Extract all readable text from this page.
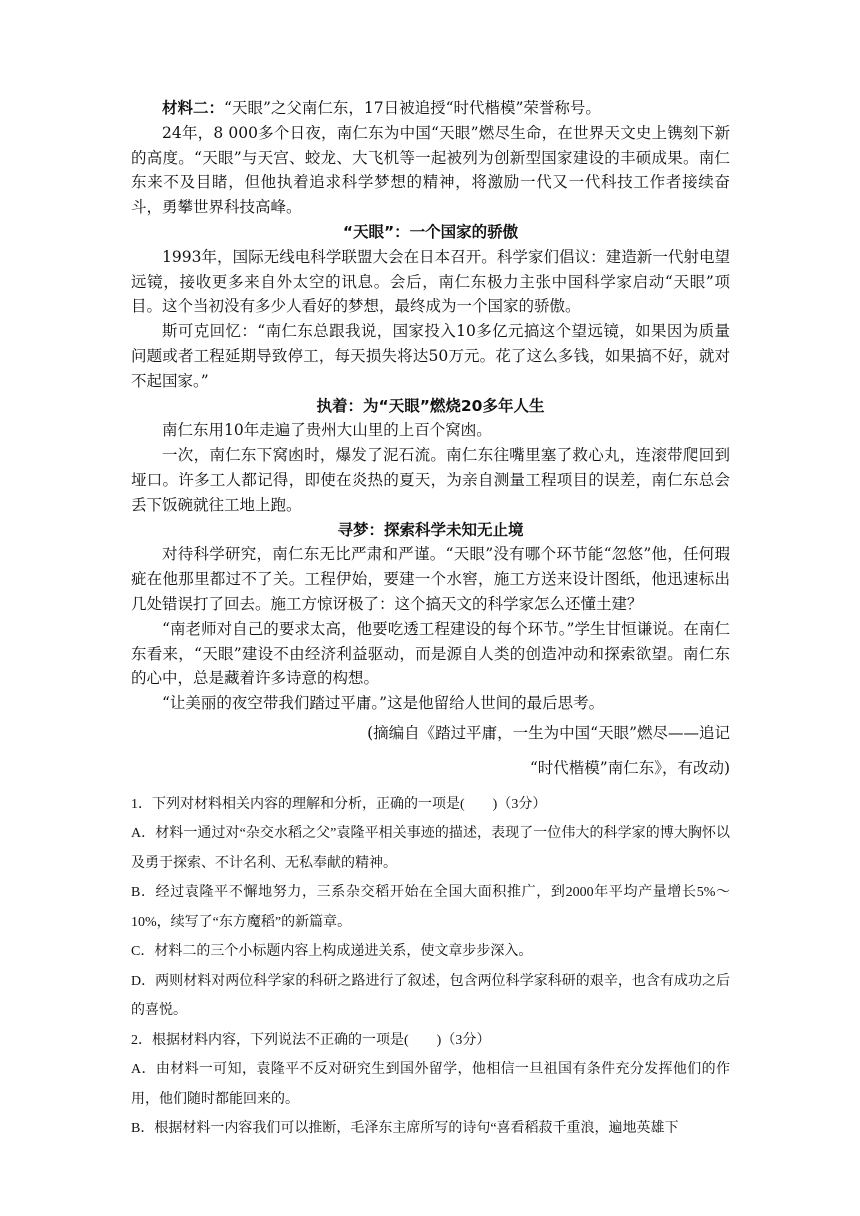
材料二：“天眼”之父南仁东，17日被追授“时代楷模”荣誉称号。

24年，8 000多个日夜，南仁东为中国“天眼”燃尽生命，在世界天文史上镌刻下新的高度。“天眼”与天宫、蛟龙、大飞机等一起被列为创新型国家建设的丰硕成果。南仁东来不及目睹，但他执着追求科学梦想的精神，将激励一代又一代科技工作者接续奋斗，勇攀世界科技高峰。

“天眼”：一个国家的骄傲

1993年，国际无线电科学联盟大会在日本召开。科学家们倡议：建造新一代射电望远镜，接收更多来自外太空的讯息。会后，南仁东极力主张中国科学家启动“天眼”项目。这个当初没有多少人看好的梦想，最终成为一个国家的骄傲。

斯可克回忆：“南仁东总跟我说，国家投入10多亿元搞这个望远镜，如果因为质量问题或者工程延期导致停工，每天损失将达50万元。花了这么多钱，如果搞不好，就对不起国家。”

执着：为“天眼”燃烧20多年人生

南仁东用10年走遍了贵州大山里的上百个窝凼。

一次，南仁东下窝凼时，爆发了泥石流。南仁东往嘴里塞了救心丸，连滚带爬回到垭口。许多工人都记得，即使在炎热的夏天，为亲自测量工程项目的误差，南仁东总会丢下饭碗就往工地上跑。

寻梦：探索科学未知无止境

对待科学研究，南仁东无比严肃和严谨。“天眼”没有哪个环节能“忽悠”他，任何瑕疵在他那里都过不了关。工程伊始，要建一个水窖，施工方送来设计图纸，他迅速标出几处错误打了回去。施工方惊讶极了：这个搞天文的科学家怎么还懂土建？

“南老师对自己的要求太高，他要吃透工程建设的每个环节。”学生甘恒谦说。在南仁东看来，“天眼”建设不由经济利益驱动，而是源自人类的创造冲动和探索欲望。南仁东的心中，总是藏着许多诗意的构想。

“让美丽的夜空带我们踏过平庸。”这是他留给人世间的最后思考。

(摘编自《踏过平庸，一生为中国“天眼”燃尽——追记

“时代楷模”南仁东》，有改动)

1．下列对材料相关内容的理解和分析，正确的一项是(　　)（3分）

A．材料一通过对“杂交水稻之父”袁隆平相关事迹的描述，表现了一位伟大的科学家的博大胸怀以及勇于探索、不计名利、无私奉献的精神。

B．经过袁隆平不懈地努力，三系杂交稻开始在全国大面积推广，到2000年平均产量增长5%～10%，续写了“东方魔稻”的新篇章。

C．材料二的三个小标题内容上构成递进关系，使文章步步深入。

D．两则材料对两位科学家的科研之路进行了叙述，包含两位科学家科研的艰辛，也含有成功之后的喜悦。

2．根据材料内容，下列说法不正确的一项是(　　)（3分）

A．由材料一可知，袁隆平不反对研究生到国外留学，他相信一旦祖国有条件充分发挥他们的作用，他们随时都能回来的。

B．根据材料一内容我们可以推断，毛泽东主席所写的诗句“喜看稻菽千重浪，遍地英雄下
